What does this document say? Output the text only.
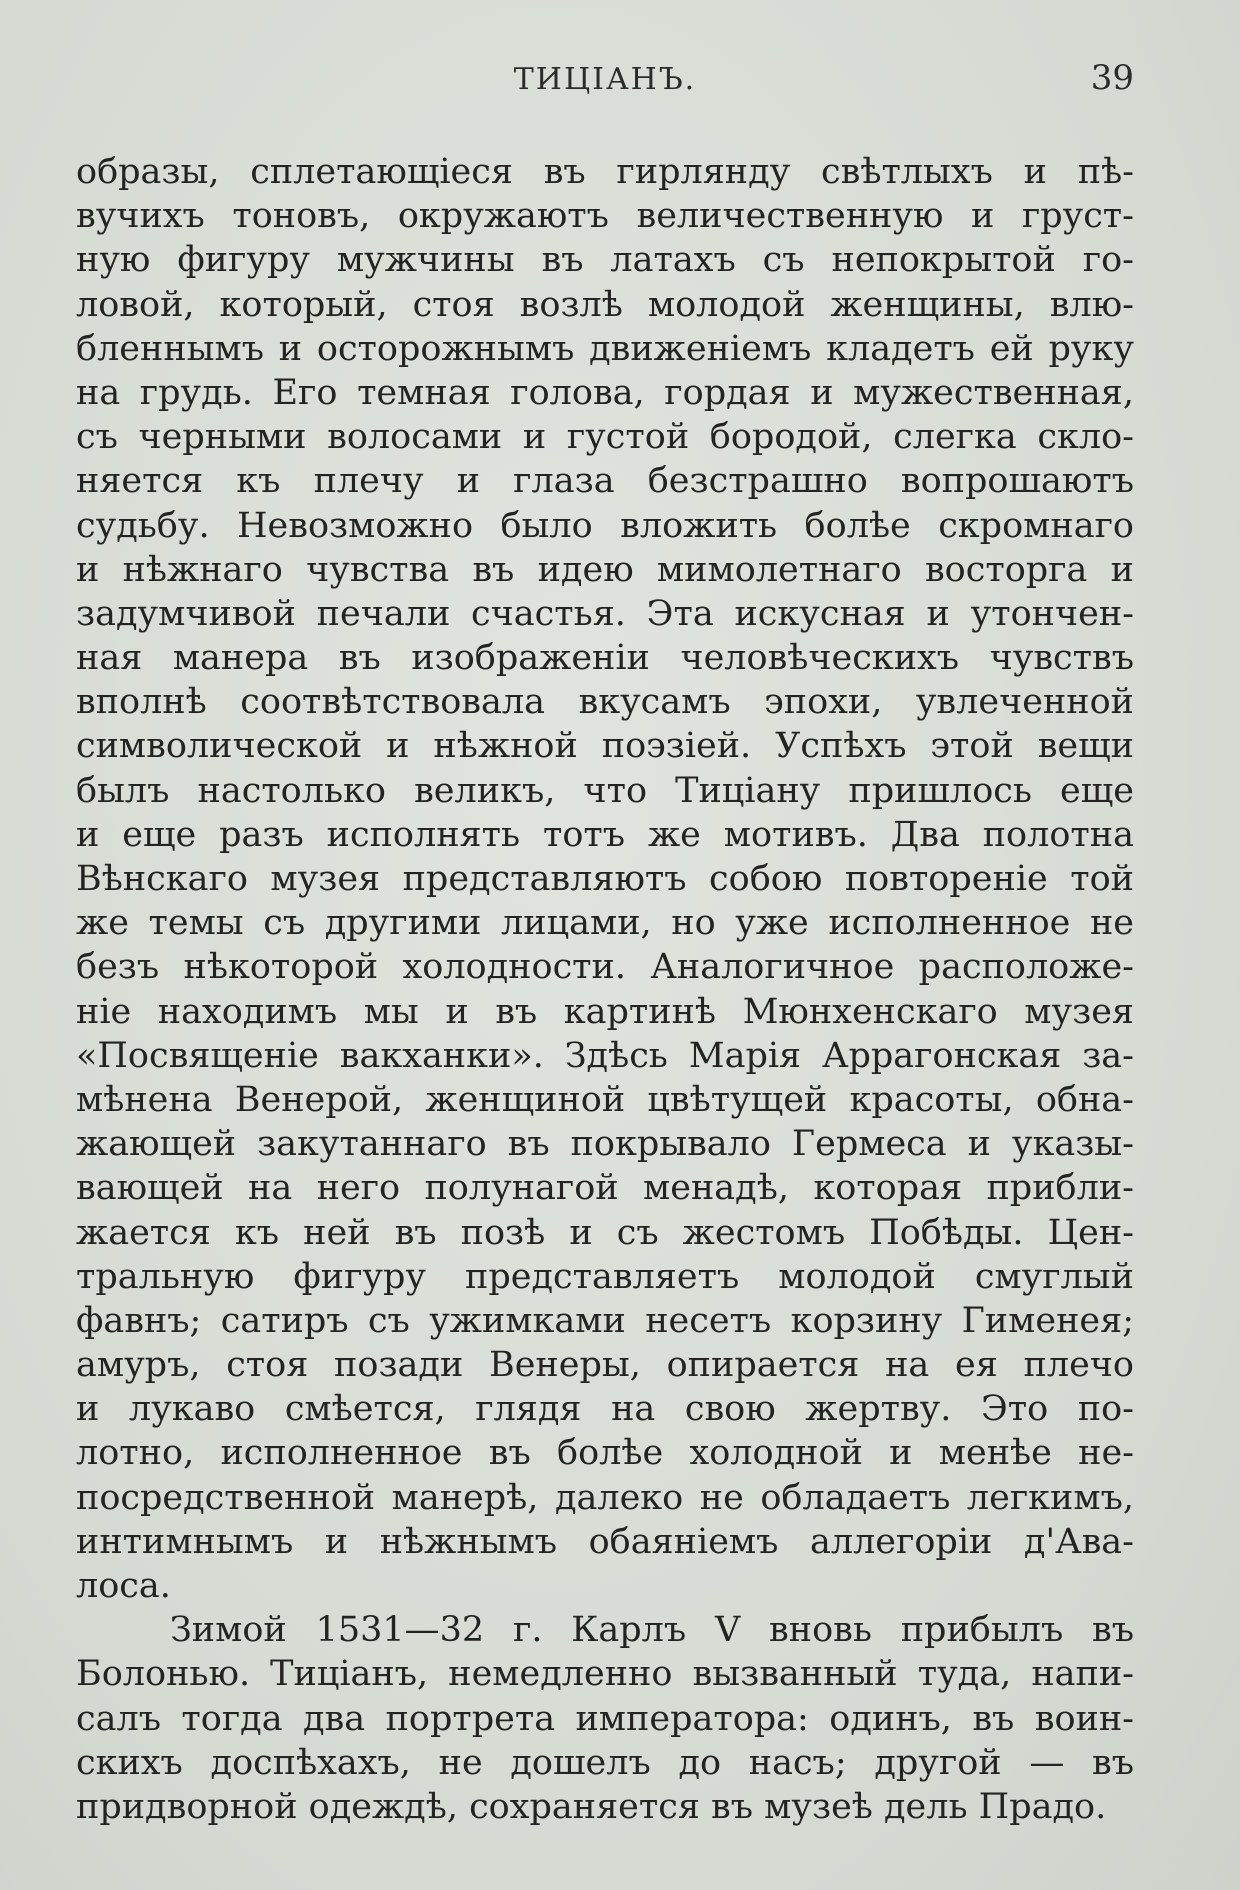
ТИЦIАНЪ.	39
образы, сплетающiеся въ гирлянду свѣтлыхъ и пѣ-
вучихъ тоновъ, окружаютъ величественную и груст-
ную фигуру мужчины въ латахъ съ непокрытой го-
ловой, который, стоя возлѣ молодой женщины, влю-
бленнымъ и осторожнымъ движенiемъ кладетъ ей руку
на грудь. Его темная голова, гордая и мужественная,
съ черными волосами и густой бородой, слегка скло-
няется къ плечу и глаза безстрашно вопрошаютъ
судьбу. Невозможно было вложить болѣе скромнаго
и нѣжнаго чувства въ идею мимолетнаго восторга и
задумчивой печали счастья. Эта искусная и утончен-
ная манера въ изображенiи человѣческихъ чувствъ
вполнѣ соотвѣтствовала вкусамъ эпохи, увлеченной
символической и нѣжной поэзiей. Успѣхъ этой вещи
былъ настолько великъ, что Тицiану пришлось еще
и еще разъ исполнять тотъ же мотивъ. Два полотна
Вѣнскаго музея представляютъ собою повторенiе той
же темы съ другими лицами, но уже исполненное не
безъ нѣкоторой холодности. Аналогичное расположе-
нiе находимъ мы и въ картинѣ Мюнхенскаго музея
«Посвященiе вакханки». Здѣсь Марiя Аррагонская за-
мѣнена Венерой, женщиной цвѣтущей красоты, обна-
жающей закутаннаго въ покрывало Гермеса и указы-
вающей на него полунагой менадѣ, которая прибли-
жается къ ней въ позѣ и съ жестомъ Побѣды. Цен-
тральную фигуру представляетъ молодой смуглый
фавнъ; сатиръ съ ужимками несетъ корзину Гименея;
амуръ, стоя позади Венеры, опирается на ея плечо
и лукаво смѣется, глядя на свою жертву. Это по-
лотно, исполненное въ болѣе холодной и менѣе не-
посредственной манерѣ, далеко не обладаетъ легкимъ,
интимнымъ и нѣжнымъ обаянiемъ аллегорiи д'Ава-
лоса.
Зимой 1531—32 г. Карлъ V вновь прибылъ въ
Болонью. Тицiанъ, немедленно вызванный туда, напи-
салъ тогда два портрета императора: одинъ, въ воин-
скихъ доспѣхахъ, не дошелъ до насъ; другой — въ
придворной одеждѣ, сохраняется въ музеѣ дель Прадо.
